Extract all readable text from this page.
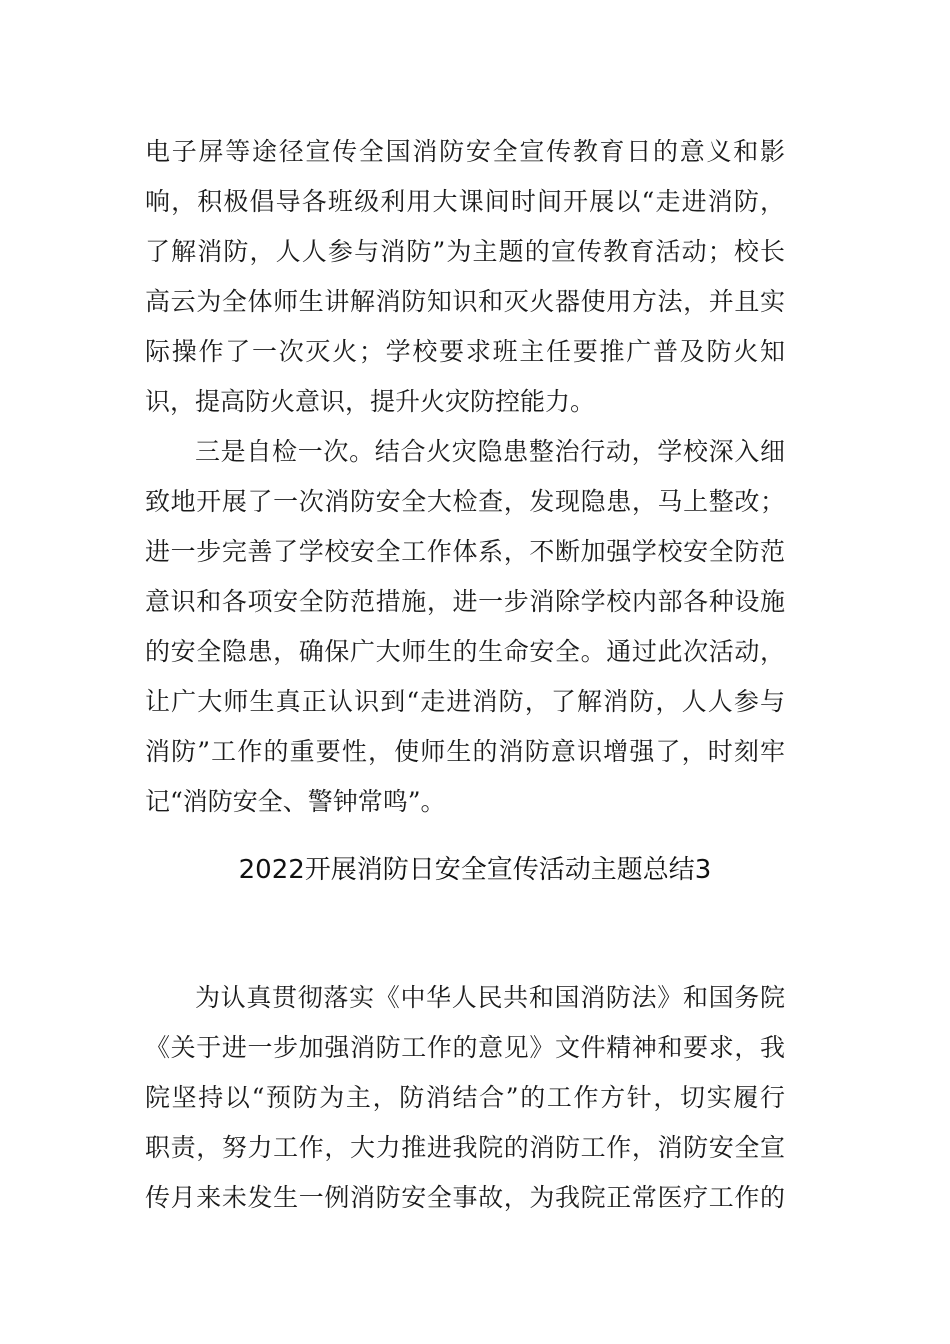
电子屏等途径宣传全国消防安全宣传教育日的意义和影
响，积极倡导各班级利用大课间时间开展以“走进消防，
了解消防，人人参与消防”为主题的宣传教育活动；校长
高云为全体师生讲解消防知识和灭火器使用方法，并且实
际操作了一次灭火；学校要求班主任要推广普及防火知
识，提高防火意识，提升火灾防控能力。
三是自检一次。结合火灾隐患整治行动，学校深入细
致地开展了一次消防安全大检查，发现隐患，马上整改；
进一步完善了学校安全工作体系，不断加强学校安全防范
意识和各项安全防范措施，进一步消除学校内部各种设施
的安全隐患，确保广大师生的生命安全。通过此次活动，
让广大师生真正认识到“走进消防，了解消防，人人参与
消防”工作的重要性，使师生的消防意识增强了，时刻牢
记“消防安全、警钟常鸣”。
2022开展消防日安全宣传活动主题总结3
为认真贯彻落实《中华人民共和国消防法》和国务院
《关于进一步加强消防工作的意见》文件精神和要求，我
院坚持以“预防为主，防消结合”的工作方针，切实履行
职责，努力工作，大力推进我院的消防工作，消防安全宣
传月来未发生一例消防安全事故，为我院正常医疗工作的
